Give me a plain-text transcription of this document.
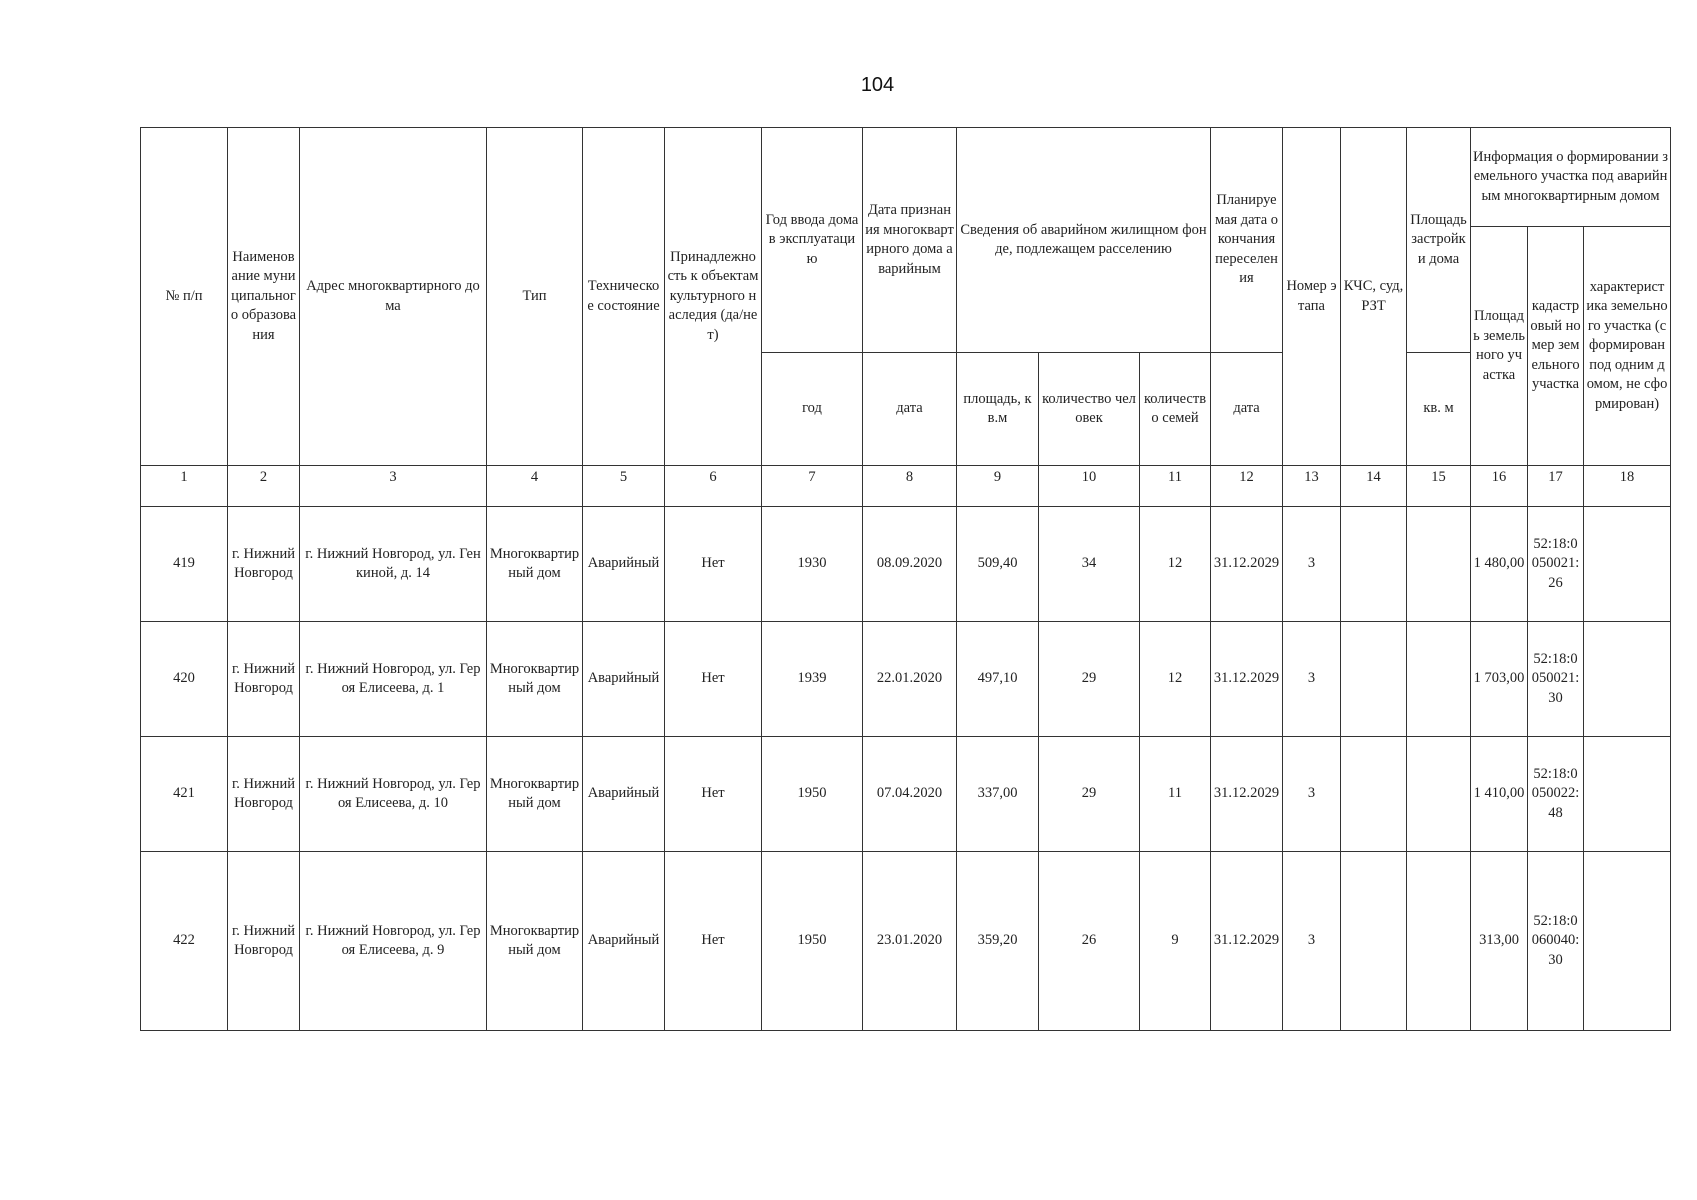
104
№ п/п	Наименование муниципального образования	Адрес многоквартирного дома	Тип	Техническое состояние	Принадлежность к объектам культурного наследия (да/нет)	Год ввода дома в эксплуатацию	Дата признания многоквартирного дома аварийным	Сведения об аварийном жилищном фонде, подлежащем расселению			Планируемая дата окончания переселения	Номер этапа	КЧС, суд, РЗТ	Площадь застройки дома	Информация о формировании земельного участка под аварийным многоквартирным домом		
															Площадь земельного участка	кадастровый номер земельного участка	характеристика земельного участка (сформирован под одним домом, не сформирован)
						год	дата	площадь, кв.м	количество человек	количество семей	дата			кв. м			
1	2	3	4	5	6	7	8	9	10	11	12	13	14	15	16	17	18
419	г. Нижний Новгород	г. Нижний Новгород, ул. Генкиной, д. 14	Многоквартирный дом	Аварийный	Нет	1930	08.09.2020	509,40	34	12	31.12.2029	3			1 480,00	52:18:0050021:26	
420	г. Нижний Новгород	г. Нижний Новгород, ул. Героя Елисеева, д. 1	Многоквартирный дом	Аварийный	Нет	1939	22.01.2020	497,10	29	12	31.12.2029	3			1 703,00	52:18:0050021:30	
421	г. Нижний Новгород	г. Нижний Новгород, ул. Героя Елисеева, д. 10	Многоквартирный дом	Аварийный	Нет	1950	07.04.2020	337,00	29	11	31.12.2029	3			1 410,00	52:18:0050022:48	
422	г. Нижний Новгород	г. Нижний Новгород, ул. Героя Елисеева, д. 9	Многоквартирный дом	Аварийный	Нет	1950	23.01.2020	359,20	26	9	31.12.2029	3			313,00	52:18:0060040:30	
